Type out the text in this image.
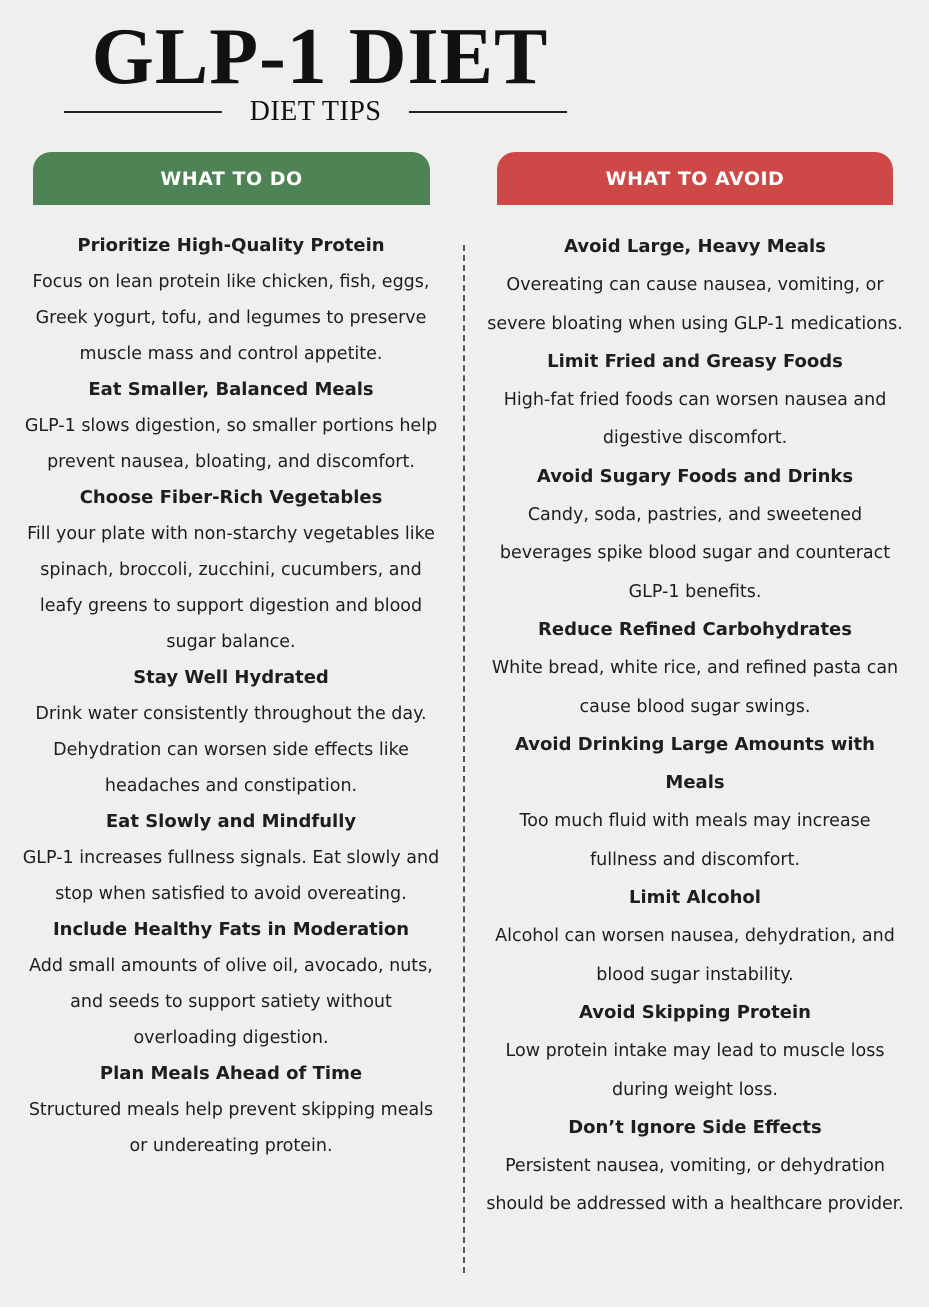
GLP-1 DIET
DIET TIPS
WHAT TO DO	WHAT TO AVOID
Prioritize High-Quality Protein

Focus on lean protein like chicken, fish, eggs, Greek yogurt, tofu, and legumes to preserve muscle mass and control appetite.

Eat Smaller, Balanced Meals

GLP-1 slows digestion, so smaller portions help prevent nausea, bloating, and discomfort.

Choose Fiber-Rich Vegetables

Fill your plate with non-starchy vegetables like spinach, broccoli, zucchini, cucumbers, and leafy greens to support digestion and blood sugar balance.

Stay Well Hydrated

Drink water consistently throughout the day. Dehydration can worsen side effects like headaches and constipation.

Eat Slowly and Mindfully

GLP-1 increases fullness signals. Eat slowly and stop when satisfied to avoid overeating.

Include Healthy Fats in Moderation

Add small amounts of olive oil, avocado, nuts, and seeds to support satiety without overloading digestion.

Plan Meals Ahead of Time

Structured meals help prevent skipping meals or undereating protein.

Avoid Large, Heavy Meals

Overeating can cause nausea, vomiting, or severe bloating when using GLP-1 medications.

Limit Fried and Greasy Foods

High-fat fried foods can worsen nausea and digestive discomfort.

Avoid Sugary Foods and Drinks

Candy, soda, pastries, and sweetened beverages spike blood sugar and counteract GLP-1 benefits.

Reduce Refined Carbohydrates

White bread, white rice, and refined pasta can cause blood sugar swings.

Avoid Drinking Large Amounts with Meals

Too much fluid with meals may increase fullness and discomfort.

Limit Alcohol

Alcohol can worsen nausea, dehydration, and blood sugar instability.

Avoid Skipping Protein

Low protein intake may lead to muscle loss during weight loss.

Don’t Ignore Side Effects

Persistent nausea, vomiting, or dehydration should be addressed with a healthcare provider.
